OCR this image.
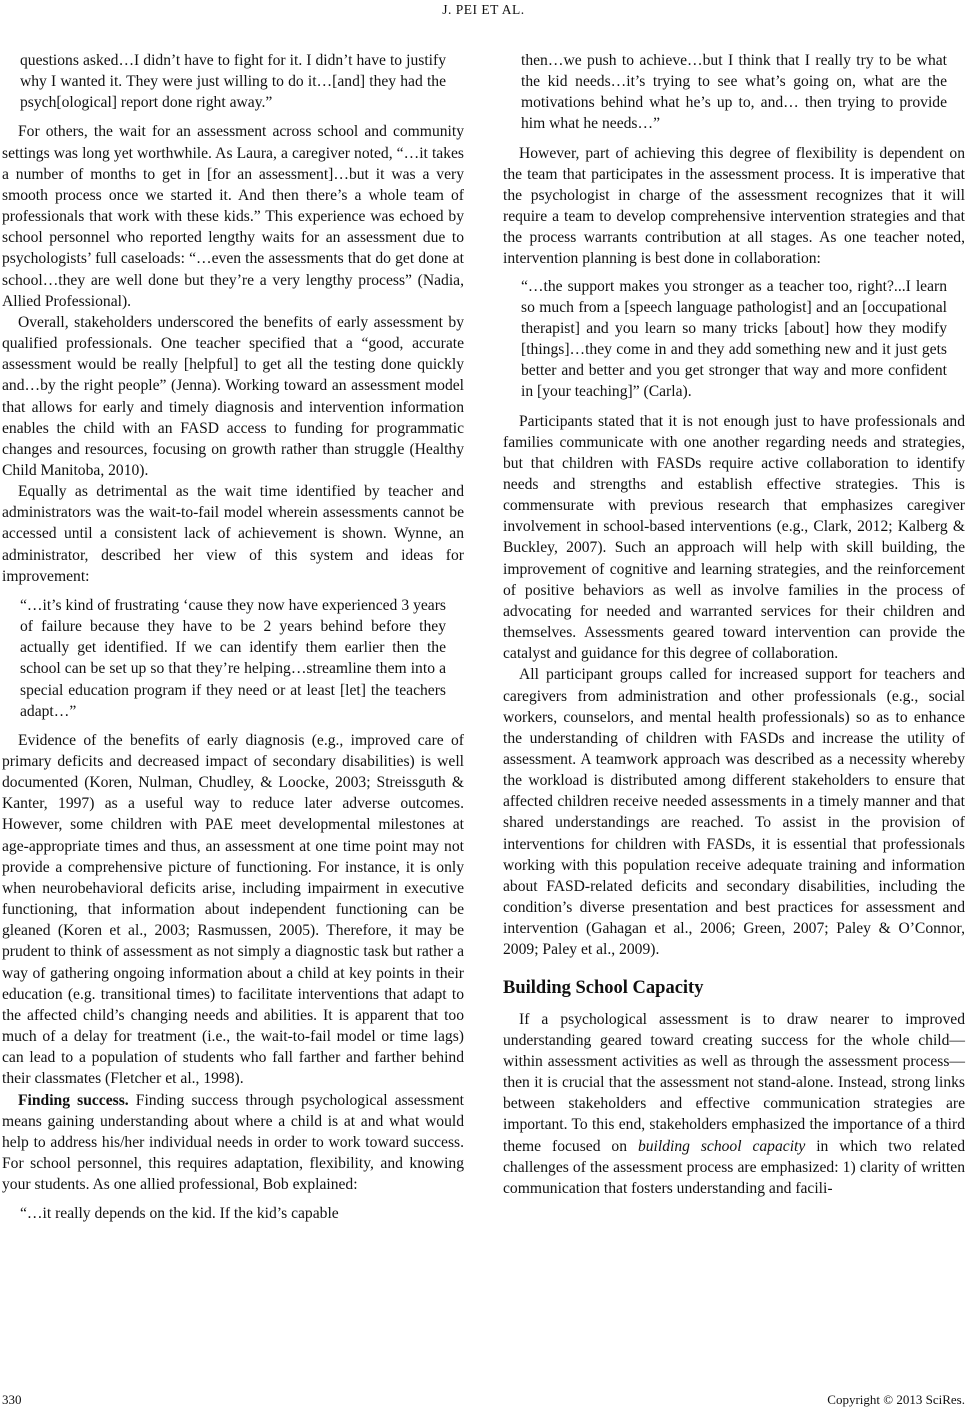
J. PEI ET AL.

questions asked…I didn’t have to fight for it. I didn’t have to justify why I wanted it. They were just willing to do it…[and] they had the psych[ological] report done right away.”

For others, the wait for an assessment across school and community settings was long yet worthwhile. As Laura, a caregiver noted, “…it takes a number of months to get in [for an assessment]…but it was a very smooth process once we started it. And then there’s a whole team of professionals that work with these kids.” This experience was echoed by school personnel who reported lengthy waits for an assessment due to psychologists’ full caseloads: “…even the assessments that do get done at school…they are well done but they’re a very lengthy process” (Nadia, Allied Professional).

Overall, stakeholders underscored the benefits of early assessment by qualified professionals. One teacher specified that a “good, accurate assessment would be really [helpful] to get all the testing done quickly and…by the right people” (Jenna). Working toward an assessment model that allows for early and timely diagnosis and intervention information enables the child with an FASD access to funding for programmatic changes and resources, focusing on growth rather than struggle (Healthy Child Manitoba, 2010).

Equally as detrimental as the wait time identified by teacher and administrators was the wait-to-fail model wherein assessments cannot be accessed until a consistent lack of achievement is shown. Wynne, an administrator, described her view of this system and ideas for improvement:

“…it’s kind of frustrating ‘cause they now have experienced 3 years of failure because they have to be 2 years behind before they actually get identified. If we can identify them earlier then the school can be set up so that they’re helping…streamline them into a special education program if they need or at least [let] the teachers adapt…”

Evidence of the benefits of early diagnosis (e.g., improved care of primary deficits and decreased impact of secondary disabilities) is well documented (Koren, Nulman, Chudley, & Loocke, 2003; Streissguth & Kanter, 1997) as a useful way to reduce later adverse outcomes. However, some children with PAE meet developmental milestones at age-appropriate times and thus, an assessment at one time point may not provide a comprehensive picture of functioning. For instance, it is only when neurobehavioral deficits arise, including impairment in executive functioning, that information about independent functioning can be gleaned (Koren et al., 2003; Rasmussen, 2005). Therefore, it may be prudent to think of assessment as not simply a diagnostic task but rather a way of gathering ongoing information about a child at key points in their education (e.g. transitional times) to facilitate interventions that adapt to the affected child’s changing needs and abilities. It is apparent that too much of a delay for treatment (i.e., the wait-to-fail model or time lags) can lead to a population of students who fall farther and farther behind their classmates (Fletcher et al., 1998).

Finding success. Finding success through psychological assessment means gaining understanding about where a child is at and what would help to address his/her individual needs in order to work toward success. For school personnel, this requires adaptation, flexibility, and knowing your students. As one allied professional, Bob explained:

“…it really depends on the kid. If the kid’s capable

then…we push to achieve…but I think that I really try to be what the kid needs…it’s trying to see what’s going on, what are the motivations behind what he’s up to, and… then trying to provide him what he needs…”

However, part of achieving this degree of flexibility is dependent on the team that participates in the assessment process. It is imperative that the psychologist in charge of the assessment recognizes that it will require a team to develop comprehensive intervention strategies and that the process warrants contribution at all stages. As one teacher noted, intervention planning is best done in collaboration:

“…the support makes you stronger as a teacher too, right?...I learn so much from a [speech language pathologist] and an [occupational therapist] and you learn so many tricks [about] how they modify [things]…they come in and they add something new and it just gets better and better and you get stronger that way and more confident in [your teaching]” (Carla).

Participants stated that it is not enough just to have professionals and families communicate with one another regarding needs and strategies, but that children with FASDs require active collaboration to identify needs and strengths and establish effective strategies. This is commensurate with previous research that emphasizes caregiver involvement in school-based interventions (e.g., Clark, 2012; Kalberg & Buckley, 2007). Such an approach will help with skill building, the improvement of cognitive and learning strategies, and the reinforcement of positive behaviors as well as involve families in the process of advocating for needed and warranted services for their children and themselves. Assessments geared toward intervention can provide the catalyst and guidance for this degree of collaboration.

All participant groups called for increased support for teachers and caregivers from administration and other professionals (e.g., social workers, counselors, and mental health professionals) so as to enhance the understanding of children with FASDs and increase the utility of assessment. A teamwork approach was described as a necessity whereby the workload is distributed among different stakeholders to ensure that affected children receive needed assessments in a timely manner and that shared understandings are reached. To assist in the provision of interventions for children with FASDs, it is essential that professionals working with this population receive adequate training and information about FASD-related deficits and secondary disabilities, including the condition’s diverse presentation and best practices for assessment and intervention (Gahagan et al., 2006; Green, 2007; Paley & O’Connor, 2009; Paley et al., 2009).

Building School Capacity

If a psychological assessment is to draw nearer to improved understanding geared toward creating success for the whole child—within assessment activities as well as through the assessment process—then it is crucial that the assessment not stand-alone. Instead, strong links between stakeholders and effective communication strategies are important. To this end, stakeholders emphasized the importance of a third theme focused on building school capacity in which two related challenges of the assessment process are emphasized: 1) clarity of written communication that fosters understanding and facili-

330	Copyright © 2013 SciRes.
